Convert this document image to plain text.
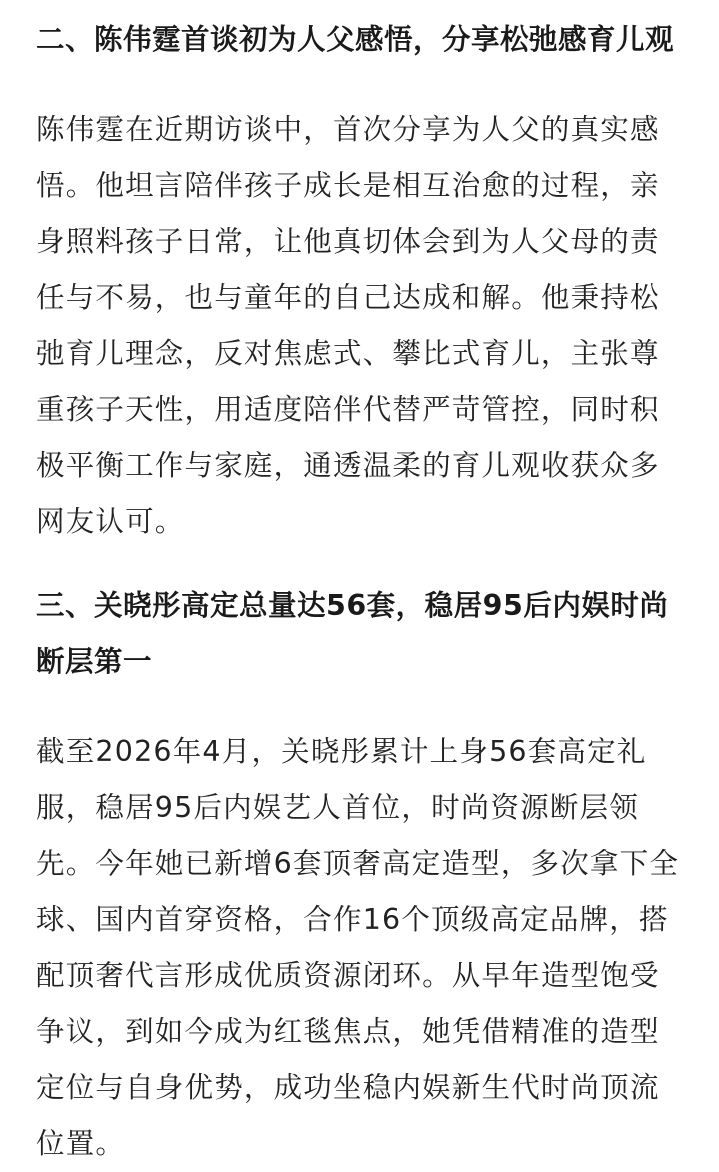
二、陈伟霆首谈初为人父感悟，分享松弛感育儿观

陈伟霆在近期访谈中，首次分享为人父的真实感悟。他坦言陪伴孩子成长是相互治愈的过程，亲身照料孩子日常，让他真切体会到为人父母的责任与不易，也与童年的自己达成和解。他秉持松弛育儿理念，反对焦虑式、攀比式育儿，主张尊重孩子天性，用适度陪伴代替严苛管控，同时积极平衡工作与家庭，通透温柔的育儿观收获众多网友认可。

三、关晓彤高定总量达56套，稳居95后内娱时尚断层第一

截至2026年4月，关晓彤累计上身56套高定礼服，稳居95后内娱艺人首位，时尚资源断层领先。今年她已新增6套顶奢高定造型，多次拿下全球、国内首穿资格，合作16个顶级高定品牌，搭配顶奢代言形成优质资源闭环。从早年造型饱受争议，到如今成为红毯焦点，她凭借精准的造型定位与自身优势，成功坐稳内娱新生代时尚顶流位置。
